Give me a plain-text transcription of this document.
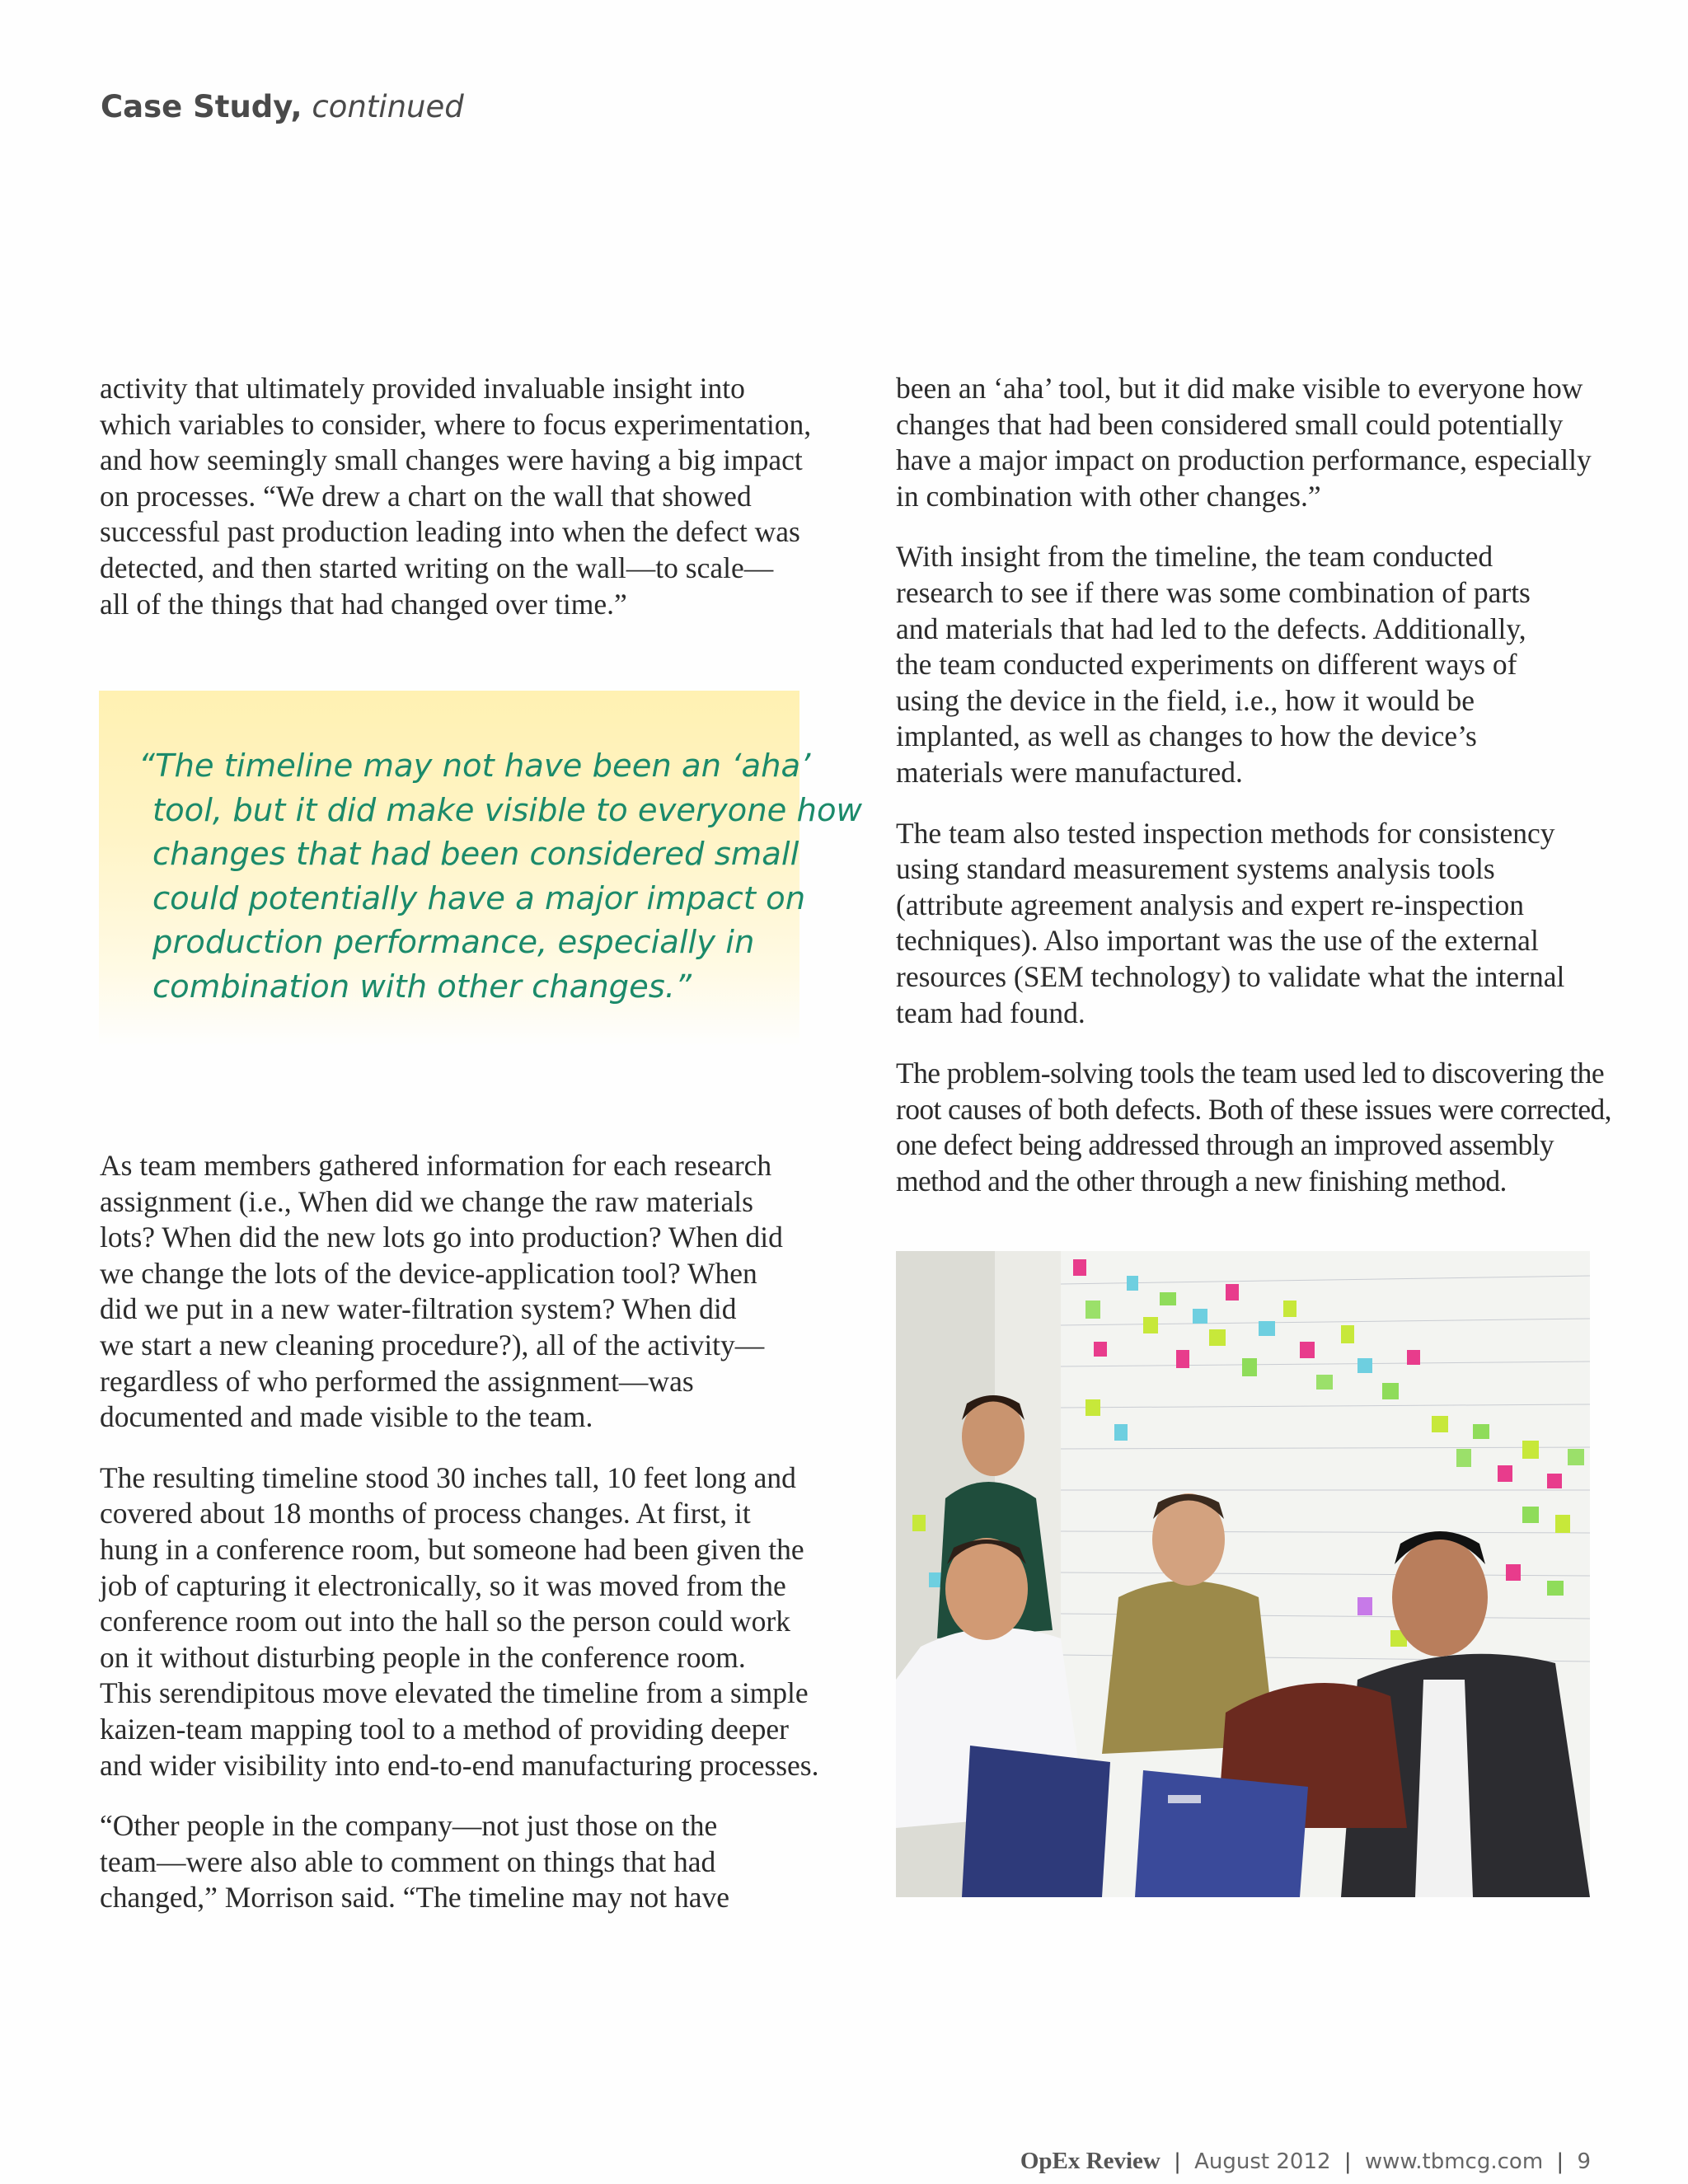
Case Study, continued

activity that ultimately provided invaluable insight into
which variables to consider, where to focus experimentation,
and how seemingly small changes were having a big impact
on processes. “We drew a chart on the wall that showed
successful past production leading into when the defect was
detected, and then started writing on the wall—to scale—
all of the things that had changed over time.”

“The timeline may not have been an ‘aha’
tool, but it did make visible to everyone how
changes that had been considered small
could potentially have a major impact on
production performance, especially in
combination with other changes.”

As team members gathered information for each research
assignment (i.e., When did we change the raw materials
lots? When did the new lots go into production? When did
we change the lots of the device-application tool? When
did we put in a new water-filtration system? When did
we start a new cleaning procedure?), all of the activity—
regardless of who performed the assignment—was
documented and made visible to the team.

The resulting timeline stood 30 inches tall, 10 feet long and
covered about 18 months of process changes. At first, it
hung in a conference room, but someone had been given the
job of capturing it electronically, so it was moved from the
conference room out into the hall so the person could work
on it without disturbing people in the conference room.
This serendipitous move elevated the timeline from a simple
kaizen-team mapping tool to a method of providing deeper
and wider visibility into end-to-end manufacturing processes.

“Other people in the company—not just those on the
team—were also able to comment on things that had
changed,” Morrison said. “The timeline may not have

been an ‘aha’ tool, but it did make visible to everyone how
changes that had been considered small could potentially
have a major impact on production performance, especially
in combination with other changes.”

With insight from the timeline, the team conducted
research to see if there was some combination of parts
and materials that had led to the defects. Additionally,
the team conducted experiments on different ways of
using the device in the field, i.e., how it would be
implanted, as well as changes to how the device’s
materials were manufactured.

The team also tested inspection methods for consistency
using standard measurement systems analysis tools
(attribute agreement analysis and expert re-inspection
techniques). Also important was the use of the external
resources (SEM technology) to validate what the internal
team had found.

The problem-solving tools the team used led to discovering the
root causes of both defects. Both of these issues were corrected,
one defect being addressed through an improved assembly
method and the other through a new finishing method.

OpEx Review | August 2012 | www.tbmcg.com | 9
